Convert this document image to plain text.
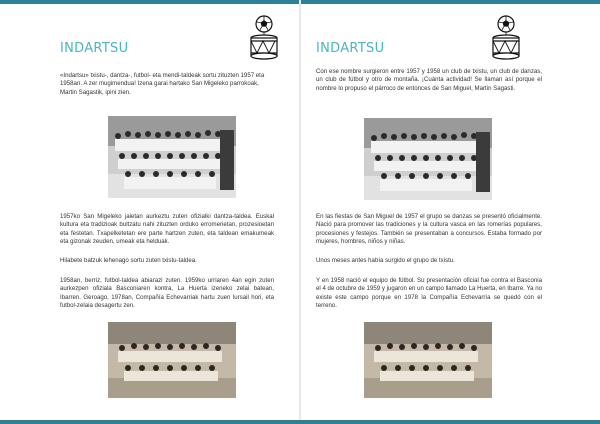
INDARTSU

«Indartsu» txistu-, dantza-, futbol- eta mendi-taldeak sortu zituzten 1957 eta 1958an. A zer mugimendua! Izena garai hartako San Migeleko parrokoak, Martin Sagastik, ipini zien.

1957ko San Migeleko jaietan aurkeztu zuten ofizialki dantza-taldea. Euskal kultura eta tradizioak bultzatu nahi zituzten orduko erromerietan, prozesioetan eta festetan. Txapelketetan ere parte hartzen zuten, eta taldean emakumeak eta gizonak zeuden, umeak eta helduak.

Hilabete batzuk lehenago sortu zuten txistu-taldea.

1958an, berriz, futbol-taldea abiarazi zuten. 1959ko urriaren 4an egin zuten aurkezpen ofiziala Basconiaren kontra, La Huerta izeneko zelai batean, Ibarren. Geroago, 1978an, Compañía Echevarriak hartu zuen lursail hori, eta futbol-zelaia desagertu zen.

INDARTSU

Con ese nombre surgieron entre 1957 y 1958 un club de txistu, un club de danzas, un club de fútbol y otro de montaña. ¡Cuánta actividad! Se llaman así porque el nombre lo propuso el párroco de entonces de San Miguel, Martin Sagasti.

En las fiestas de San Miguel de 1957 el grupo se danzas se presentó oficialmente. Nació para promover las tradiciones y la cultura vasca en las romerías populares, procesiones y festejos. También se presentaban a concursos. Estaba formado por mujeres, hombres, niños y niñas.

Unos meses antes había surgido el grupo de txistu.

Y en 1958 nació el equipo de fútbol. Su presentación oficial fue contra el Basconia el 4 de octubre de 1959 y jugaron en un campo llamado La Huerta, en Ibarre. Ya no existe este campo porque en 1978 la Compañía Echevarría se quedó con el terreno.
